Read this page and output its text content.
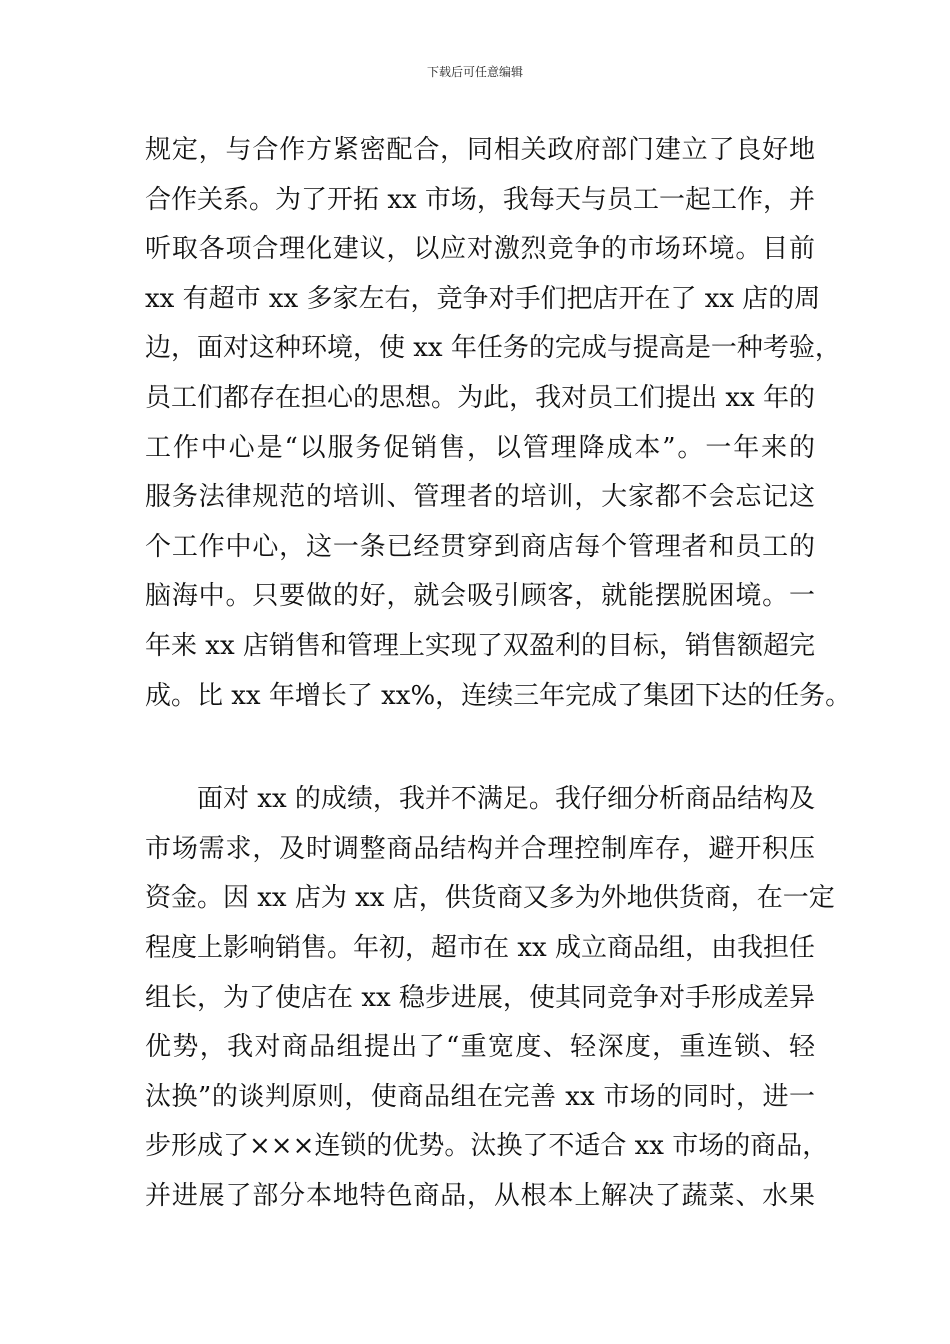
下载后可任意编辑
规定，与合作方紧密配合，同相关政府部门建立了良好地
合作关系。为了开拓 xx 市场，我每天与员工一起工作，并
听取各项合理化建议，以应对激烈竞争的市场环境。目前
xx 有超市 xx 多家左右，竞争对手们把店开在了 xx 店的周
边，面对这种环境，使 xx 年任务的完成与提高是一种考验，
员工们都存在担心的思想。为此，我对员工们提出 xx 年的
工作中心是“以服务促销售，以管理降成本”。一年来的
服务法律规范的培训、管理者的培训，大家都不会忘记这
个工作中心，这一条已经贯穿到商店每个管理者和员工的
脑海中。只要做的好，就会吸引顾客，就能摆脱困境。一
年来 xx 店销售和管理上实现了双盈利的目标，销售额超完
成。比 xx 年增长了 xx%，连续三年完成了集团下达的任务。
面对 xx 的成绩，我并不满足。我仔细分析商品结构及
市场需求，及时调整商品结构并合理控制库存，避开积压
资金。因 xx 店为 xx 店，供货商又多为外地供货商，在一定
程度上影响销售。年初，超市在 xx 成立商品组，由我担任
组长，为了使店在 xx 稳步进展，使其同竞争对手形成差异
优势，我对商品组提出了“重宽度、轻深度，重连锁、轻
汰换”的谈判原则，使商品组在完善 xx 市场的同时，进一
步形成了×××连锁的优势。汰换了不适合 xx 市场的商品，
并进展了部分本地特色商品，从根本上解决了蔬菜、水果
